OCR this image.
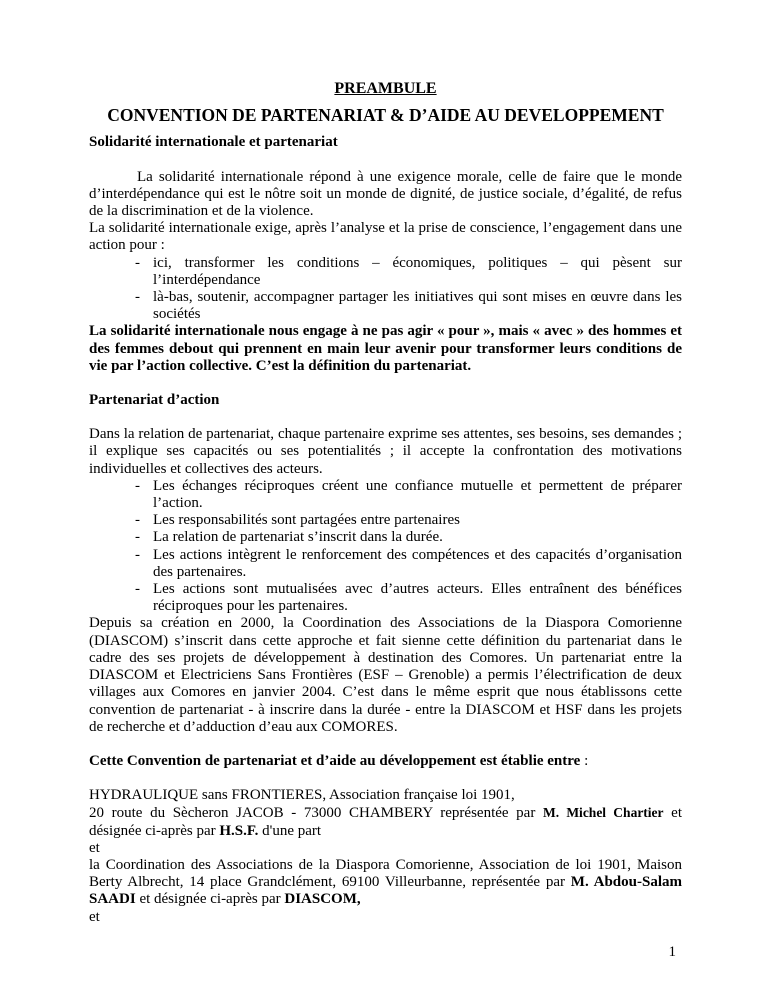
PREAMBULE

CONVENTION DE PARTENARIAT & D’AIDE AU DEVELOPPEMENT

Solidarité internationale et partenariat

La solidarité internationale répond à une exigence morale, celle de faire que le monde d’interdépendance qui est le nôtre soit un monde de dignité, de justice sociale, d’égalité, de refus de la discrimination et de la violence.

La solidarité internationale exige, après l’analyse et la prise de conscience, l’engagement dans une action pour :

- ici, transformer les conditions – économiques, politiques – qui pèsent sur l’interdépendance
- là-bas, soutenir, accompagner partager les initiatives qui sont mises en œuvre dans les sociétés

La solidarité internationale nous engage à ne pas agir « pour », mais « avec » des hommes et des femmes debout qui prennent en main leur avenir pour transformer leurs conditions de vie par l’action collective. C’est la définition du partenariat.

Partenariat d’action

Dans la relation de partenariat, chaque partenaire exprime ses attentes, ses besoins, ses demandes ; il explique ses capacités ou ses potentialités ; il accepte la confrontation des motivations individuelles et collectives des acteurs.

- Les échanges réciproques créent une confiance mutuelle et permettent de préparer l’action.
- Les responsabilités sont partagées entre partenaires
- La relation de partenariat s’inscrit dans la durée.
- Les actions intègrent le renforcement des compétences et des capacités d’organisation des partenaires.
- Les actions sont mutualisées avec d’autres acteurs. Elles entraînent des bénéfices réciproques pour les partenaires.

Depuis sa création en 2000, la Coordination des Associations de la Diaspora Comorienne (DIASCOM) s’inscrit dans cette approche et fait sienne cette définition du partenariat dans le cadre des ses projets de développement à destination des Comores. Un partenariat entre la DIASCOM et Electriciens Sans Frontières (ESF – Grenoble) a permis l’électrification de deux villages aux Comores en janvier 2004. C’est dans le même esprit que nous établissons cette convention de partenariat - à inscrire dans la durée - entre la DIASCOM et HSF dans les projets de recherche et d’adduction d’eau aux COMORES.

Cette Convention de partenariat et d’aide au développement est établie entre :

HYDRAULIQUE sans FRONTIERES, Association française loi 1901,

20 route du Sècheron JACOB - 73000 CHAMBERY représentée par M. Michel Chartier et désignée ci-après par H.S.F. d'une part

et

la Coordination des Associations de la Diaspora Comorienne, Association de loi 1901, Maison Berty Albrecht, 14 place Grandclément, 69100 Villeurbanne, représentée par M. Abdou-Salam SAADI et désignée ci-après par DIASCOM,

et

1
